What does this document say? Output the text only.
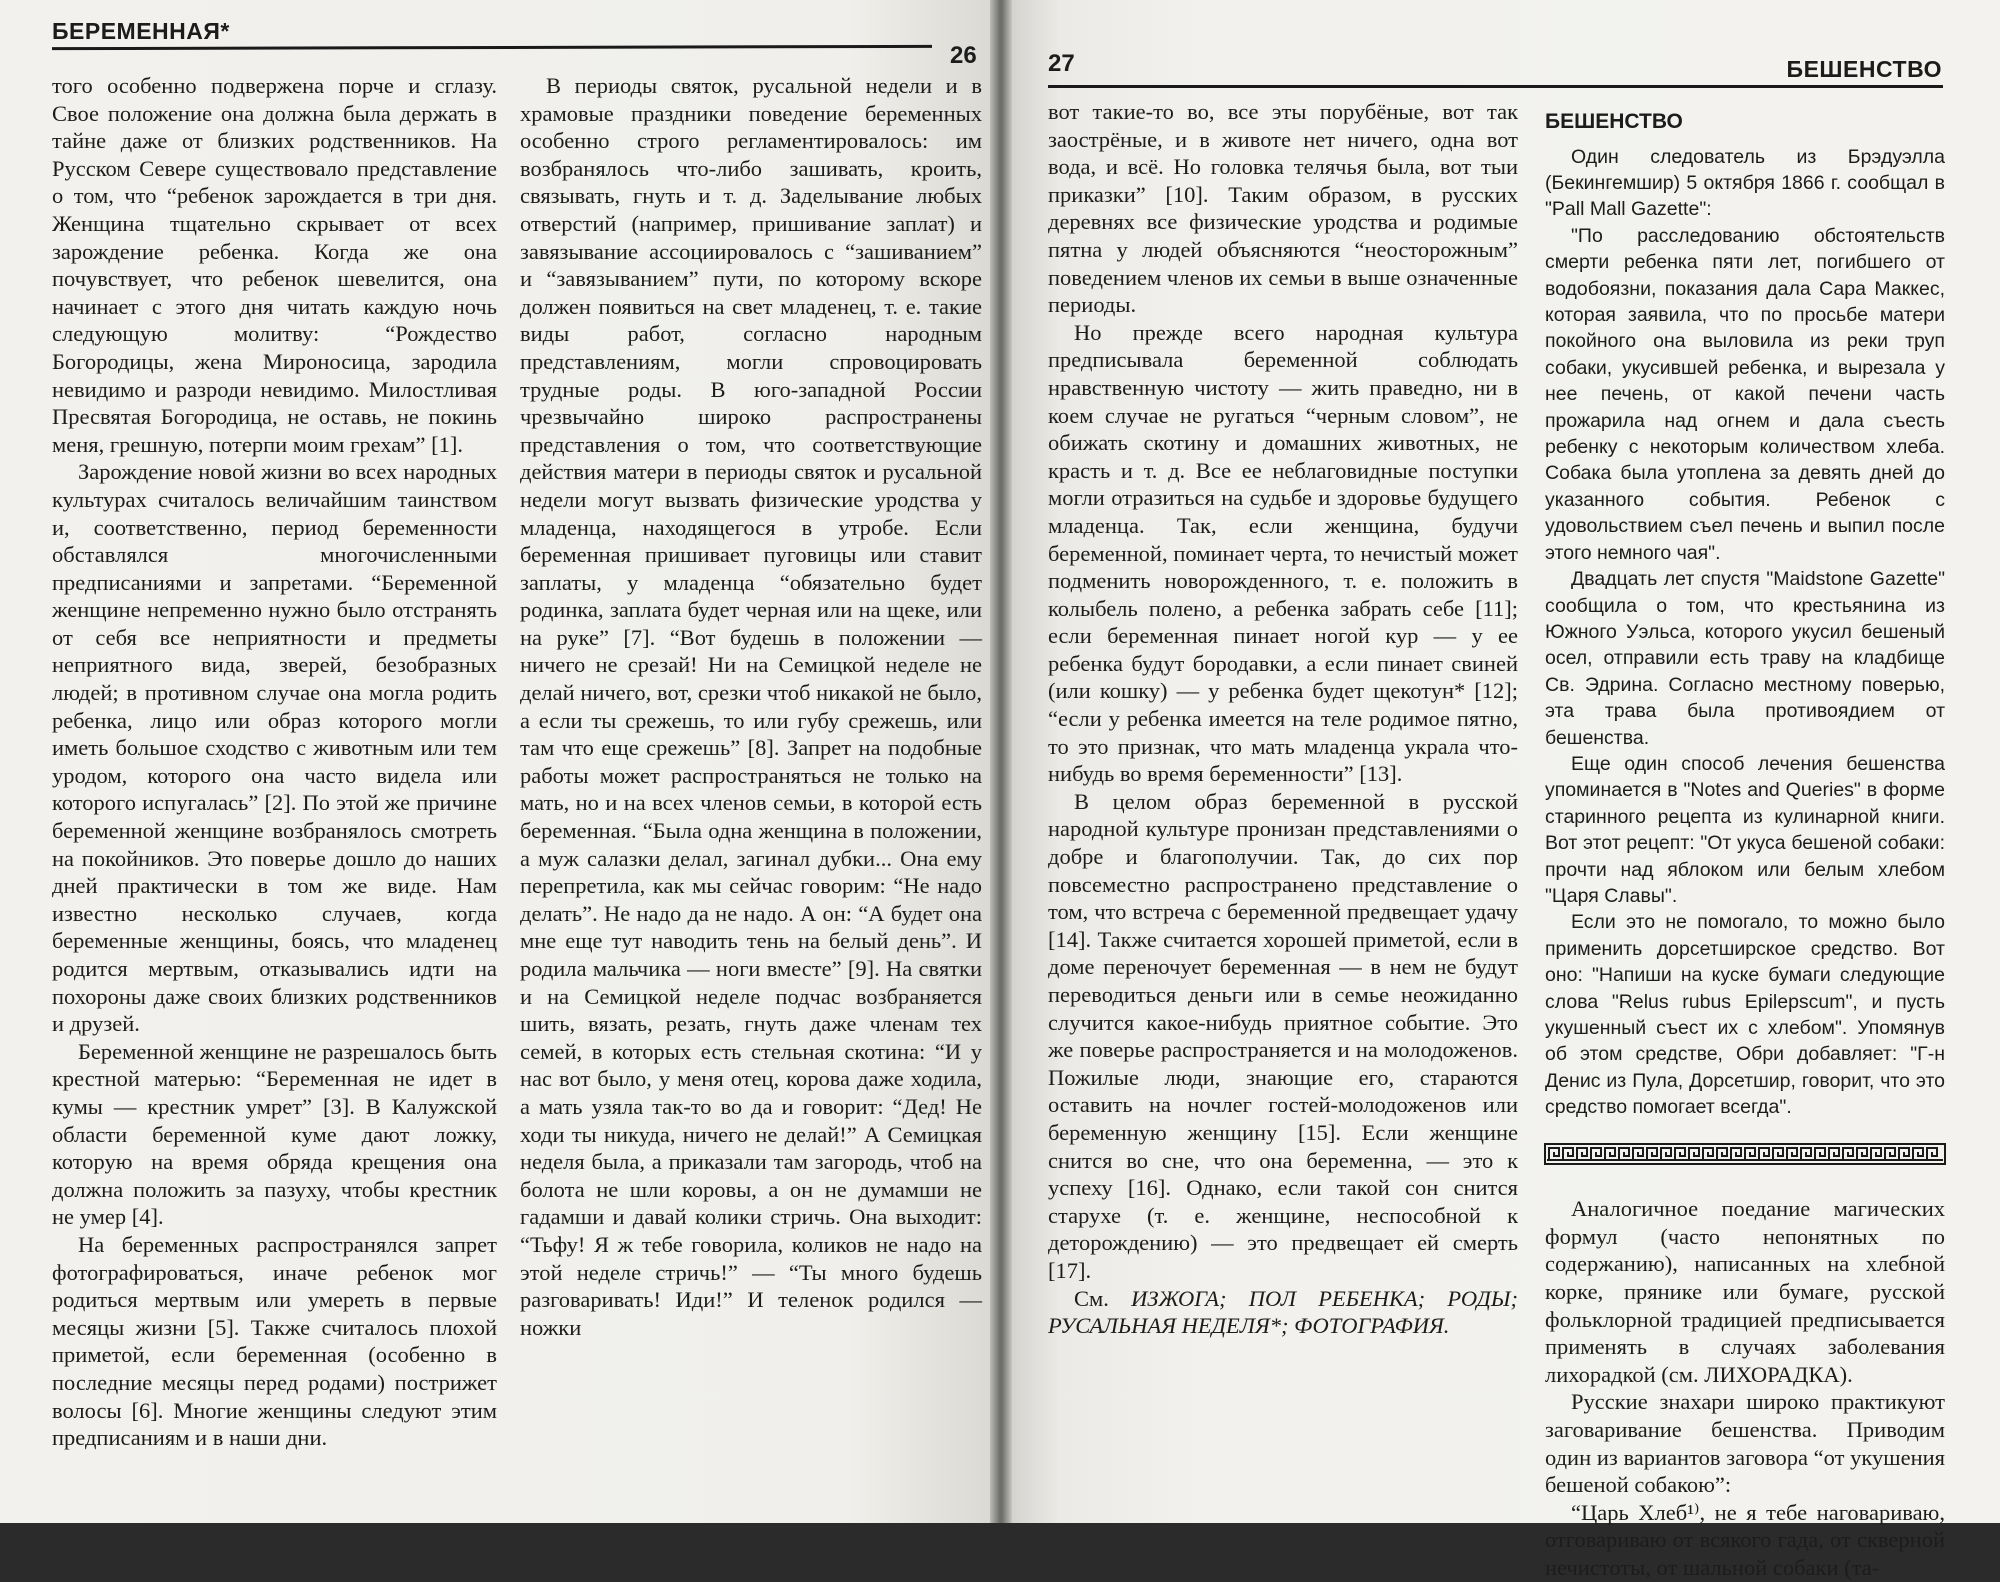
БЕРЕМЕННАЯ*
26

того особенно подвержена порче и сглазу. Свое положение она должна была держать в тайне даже от близких родственников. На Русском Севере существовало представление о том, что “ребенок зарождается в три дня. Женщина тщательно скрывает от всех зарождение ребенка. Когда же она почувствует, что ребенок шевелится, она начинает с этого дня читать каждую ночь следующую молитву: “Рождество Богородицы, жена Мироносица, зародила невидимо и разроди невидимо. Милостливая Пресвятая Богородица, не оставь, не покинь меня, грешную, потерпи моим грехам” [1].

Зарождение новой жизни во всех народных культурах считалось величайшим таинством и, соответственно, период беременности обставлялся многочисленными предписаниями и запретами. “Беременной женщине непременно нужно было отстранять от себя все неприятности и предметы неприятного вида, зверей, безобразных людей; в противном случае она могла родить ребенка, лицо или образ которого могли иметь большое сходство с животным или тем уродом, которого она часто видела или которого испугалась” [2]. По этой же причине беременной женщине возбранялось смотреть на покойников. Это поверье дошло до наших дней практически в том же виде. Нам известно несколько случаев, когда беременные женщины, боясь, что младенец родится мертвым, отказывались идти на похороны даже своих близких родственников и друзей.

Беременной женщине не разрешалось быть крестной матерью: “Беременная не идет в кумы — крестник умрет” [3]. В Калужской области беременной куме дают ложку, которую на время обряда крещения она должна положить за пазуху, чтобы крестник не умер [4].

На беременных распространялся запрет фотографироваться, иначе ребенок мог родиться мертвым или умереть в первые месяцы жизни [5]. Также считалось плохой приметой, если беременная (особенно в последние месяцы перед родами) пострижет волосы [6]. Многие женщины следуют этим предписаниям и в наши дни.

В периоды святок, русальной недели и в храмовые праздники поведение беременных особенно строго регламентировалось: им возбранялось что-либо зашивать, кроить, связывать, гнуть и т. д. Заделывание любых отверстий (например, пришивание заплат) и завязывание ассоциировалось с “зашиванием” и “завязыванием” пути, по которому вскоре должен появиться на свет младенец, т. е. такие виды работ, согласно народным представлениям, могли спровоцировать трудные роды. В юго-западной России чрезвычайно широко распространены представления о том, что соответствующие действия матери в периоды святок и русальной недели могут вызвать физические уродства у младенца, находящегося в утробе. Если беременная пришивает пуговицы или ставит заплаты, у младенца “обязательно будет родинка, заплата будет черная или на щеке, или на руке” [7]. “Вот будешь в положении — ничего не срезай! Ни на Семицкой неделе не делай ничего, вот, срезки чтоб никакой не было, а если ты срежешь, то или губу срежешь, или там что еще срежешь” [8]. Запрет на подобные работы может распространяться не только на мать, но и на всех членов семьи, в которой есть беременная. “Была одна женщина в положении, а муж салазки делал, загинал дубки... Она ему перепретила, как мы сейчас говорим: “Не надо делать”. Не надо да не надо. А он: “А будет она мне еще тут наводить тень на белый день”. И родила мальчика — ноги вместе” [9]. На святки и на Семицкой неделе подчас возбраняется шить, вязать, резать, гнуть даже членам тех семей, в которых есть стельная скотина: “И у нас вот было, у меня отец, корова даже ходила, а мать узяла так-то во да и говорит: “Дед! Не ходи ты никуда, ничего не делай!” А Семицкая неделя была, а приказали там загородь, чтоб на болота не шли коровы, а он не думамши не гадамши и давай колики стричь. Она выходит: “Тьфу! Я ж тебе говорила, коликов не надо на этой неделе стричь!” — “Ты много будешь разговаривать! Иди!” И теленок родился — ножки

27	БЕШЕНСТВО

вот такие-то во, все эты порубёные, вот так заострёные, и в животе нет ничего, одна вот вода, и всё. Но головка телячья была, вот тыи приказки” [10]. Таким образом, в русских деревнях все физические уродства и родимые пятна у людей объясняются “неосторожным” поведением членов их семьи в выше означенные периоды.

Но прежде всего народная культура предписывала беременной соблюдать нравственную чистоту — жить праведно, ни в коем случае не ругаться “черным словом”, не обижать скотину и домашних животных, не красть и т. д. Все ее неблаговидные поступки могли отразиться на судьбе и здоровье будущего младенца. Так, если женщина, будучи беременной, поминает черта, то нечистый может подменить новорожденного, т. е. положить в колыбель полено, а ребенка забрать себе [11]; если беременная пинает ногой кур — у ее ребенка будут бородавки, а если пинает свиней (или кошку) — у ребенка будет щекотун* [12]; “если у ребенка имеется на теле родимое пятно, то это признак, что мать младенца украла что-нибудь во время беременности” [13].

В целом образ беременной в русской народной культуре пронизан представлениями о добре и благополучии. Так, до сих пор повсеместно распространено представление о том, что встреча с беременной предвещает удачу [14]. Также считается хорошей приметой, если в доме переночует беременная — в нем не будут переводиться деньги или в семье неожиданно случится какое-нибудь приятное событие. Это же поверье распространяется и на молодоженов. Пожилые люди, знающие его, стараются оставить на ночлег гостей-молодоженов или беременную женщину [15]. Если женщине снится во сне, что она беременна, — это к успеху [16]. Однако, если такой сон снится старухе (т. е. женщине, неспособной к деторождению) — это предвещает ей смерть [17].

См. ИЗЖОГА; ПОЛ РЕБЕНКА; РОДЫ; РУСАЛЬНАЯ НЕДЕЛЯ*; ФОТОГРАФИЯ.

БЕШЕНСТВО

Один следователь из Брэдуэлла (Бекингемшир) 5 октября 1866 г. сообщал в "Pall Mall Gazette":

"По расследованию обстоятельств смерти ребенка пяти лет, погибшего от водобоязни, показания дала Сара Маккес, которая заявила, что по просьбе матери покойного она выловила из реки труп собаки, укусившей ребенка, и вырезала у нее печень, от какой печени часть прожарила над огнем и дала съесть ребенку с некоторым количеством хлеба. Собака была утоплена за девять дней до указанного события. Ребенок с удовольствием съел печень и выпил после этого немного чая".

Двадцать лет спустя "Maidstone Gazette" сообщила о том, что крестьянина из Южного Уэльса, которого укусил бешеный осел, отправили есть траву на кладбище Св. Эдрина. Согласно местному поверью, эта трава была противоядием от бешенства.

Еще один способ лечения бешенства упоминается в "Notes and Queries" в форме старинного рецепта из кулинарной книги. Вот этот рецепт: "От укуса бешеной собаки: прочти над яблоком или белым хлебом "Царя Славы".

Если это не помогало, то можно было применить дорсетширское средство. Вот оно: "Напиши на куске бумаги следующие слова "Relus rubus Epilepscum", и пусть укушенный съест их с хлебом". Упомянув об этом средстве, Обри добавляет: "Г-н Денис из Пула, Дорсетшир, говорит, что это средство помогает всегда".

Аналогичное поедание магических формул (часто непонятных по содержанию), написанных на хлебной корке, прянике или бумаге, русской фольклорной традицией предписывается применять в случаях заболевания лихорадкой (см. ЛИХОРАДКА).

Русские знахари широко практикуют заговаривание бешенства. Приводим один из вариантов заговора “от укушения бешеной собакою”:

“Царь Хлеб¹⁾, не я тебе наговариваю, отговариваю от всякого гада, от скверной нечистоты, от шальной собаки (та-
